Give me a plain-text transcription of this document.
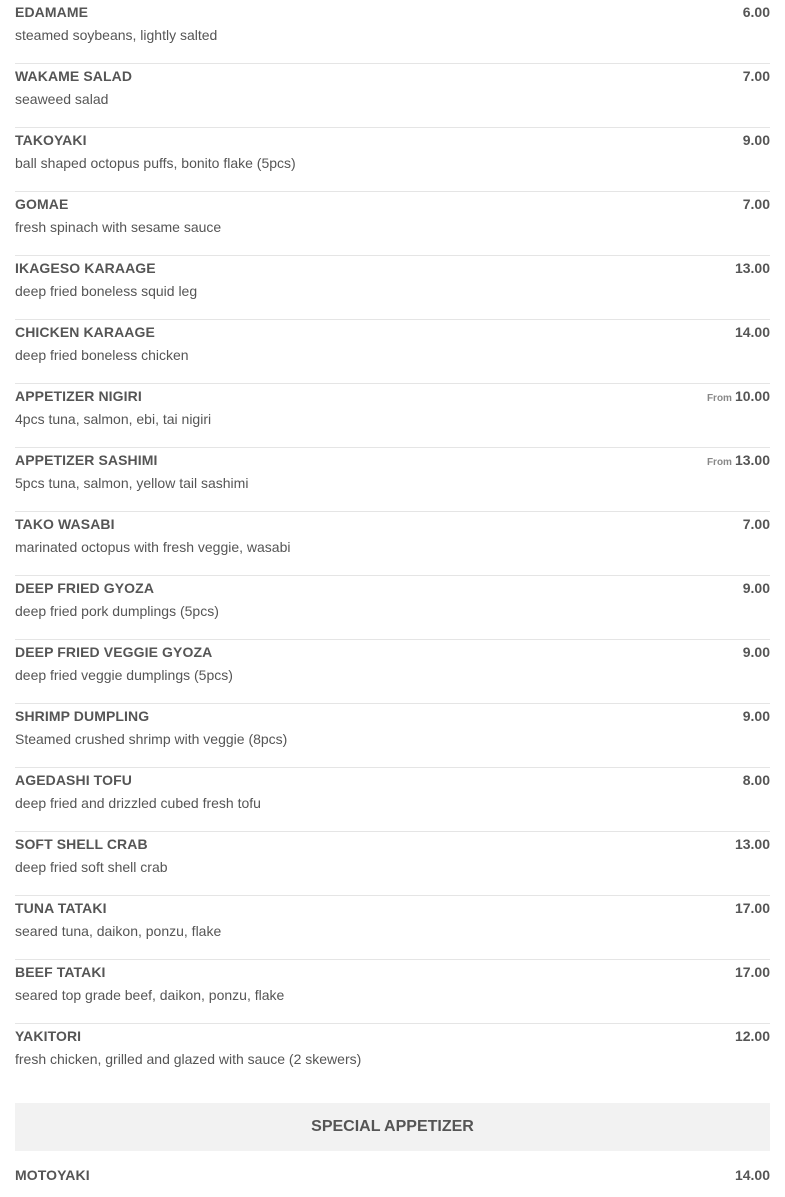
EDAMAME	6.00
steamed soybeans, lightly salted
WAKAME SALAD	7.00
seaweed salad
TAKOYAKI	9.00
ball shaped octopus puffs, bonito flake (5pcs)
GOMAE	7.00
fresh spinach with sesame sauce
IKAGESO KARAAGE	13.00
deep fried boneless squid leg
CHICKEN KARAAGE	14.00
deep fried boneless chicken
APPETIZER NIGIRI	From 10.00
4pcs tuna, salmon, ebi, tai nigiri
APPETIZER SASHIMI	From 13.00
5pcs tuna, salmon, yellow tail sashimi
TAKO WASABI	7.00
marinated octopus with fresh veggie, wasabi
DEEP FRIED GYOZA	9.00
deep fried pork dumplings (5pcs)
DEEP FRIED VEGGIE GYOZA	9.00
deep fried veggie dumplings (5pcs)
SHRIMP DUMPLING	9.00
Steamed crushed shrimp with veggie (8pcs)
AGEDASHI TOFU	8.00
deep fried and drizzled cubed fresh tofu
SOFT SHELL CRAB	13.00
deep fried soft shell crab
TUNA TATAKI	17.00
seared tuna, daikon, ponzu, flake
BEEF TATAKI	17.00
seared top grade beef, daikon, ponzu, flake
YAKITORI	12.00
fresh chicken, grilled and glazed with sauce (2 skewers)
SPECIAL APPETIZER
MOTOYAKI	14.00
